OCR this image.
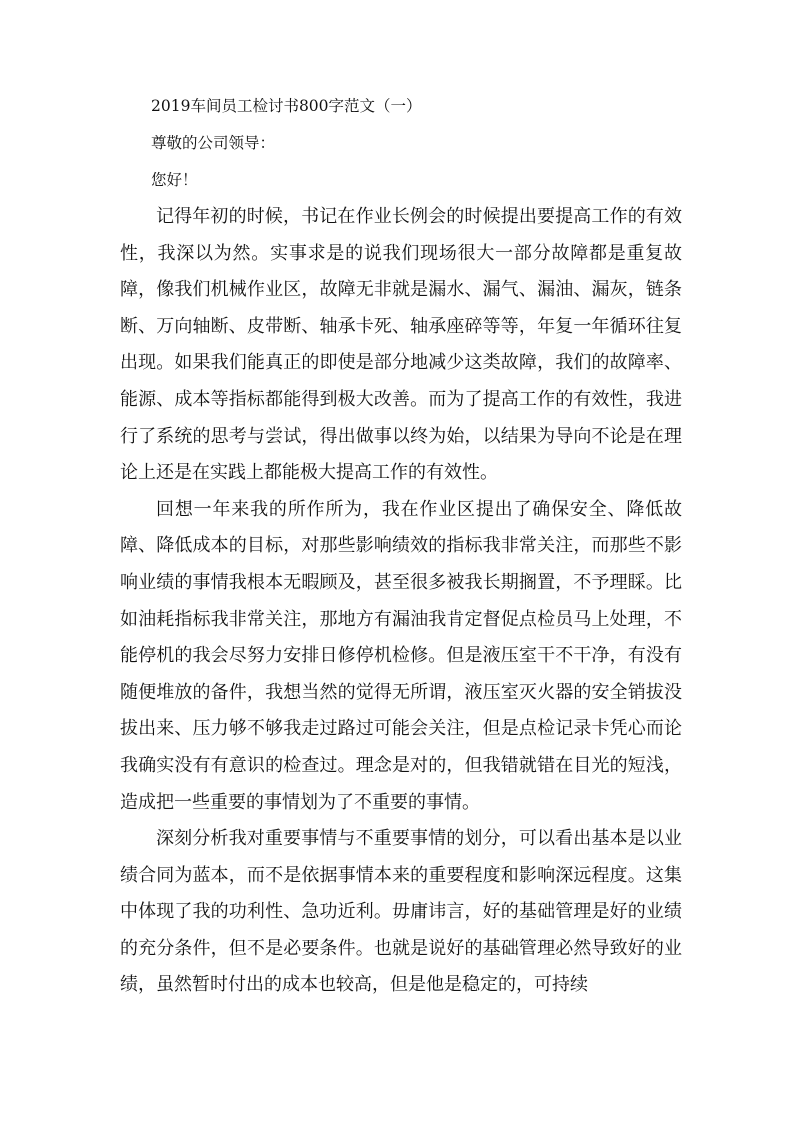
2019车间员工检讨书800字范文（一）
尊敬的公司领导：
您好！

记得年初的时候，书记在作业长例会的时候提出要提高工作的有效性，我深以为然。实事求是的说我们现场很大一部分故障都是重复故障，像我们机械作业区，故障无非就是漏水、漏气、漏油、漏灰，链条断、万向轴断、皮带断、轴承卡死、轴承座碎等等，年复一年循环往复出现。如果我们能真正的即使是部分地减少这类故障，我们的故障率、能源、成本等指标都能得到极大改善。而为了提高工作的有效性，我进行了系统的思考与尝试，得出做事以终为始，以结果为导向不论是在理论上还是在实践上都能极大提高工作的有效性。

回想一年来我的所作所为，我在作业区提出了确保安全、降低故障、降低成本的目标，对那些影响绩效的指标我非常关注，而那些不影响业绩的事情我根本无暇顾及，甚至很多被我长期搁置，不予理睬。比如油耗指标我非常关注，那地方有漏油我肯定督促点检员马上处理，不能停机的我会尽努力安排日修停机检修。但是液压室干不干净，有没有随便堆放的备件，我想当然的觉得无所谓，液压室灭火器的安全销拔没拔出来、压力够不够我走过路过可能会关注，但是点检记录卡凭心而论我确实没有有意识的检查过。理念是对的，但我错就错在目光的短浅，造成把一些重要的事情划为了不重要的事情。

深刻分析我对重要事情与不重要事情的划分，可以看出基本是以业绩合同为蓝本，而不是依据事情本来的重要程度和影响深远程度。这集中体现了我的功利性、急功近利。毋庸讳言，好的基础管理是好的业绩的充分条件，但不是必要条件。也就是说好的基础管理必然导致好的业绩，虽然暂时付出的成本也较高，但是他是稳定的，可持续
